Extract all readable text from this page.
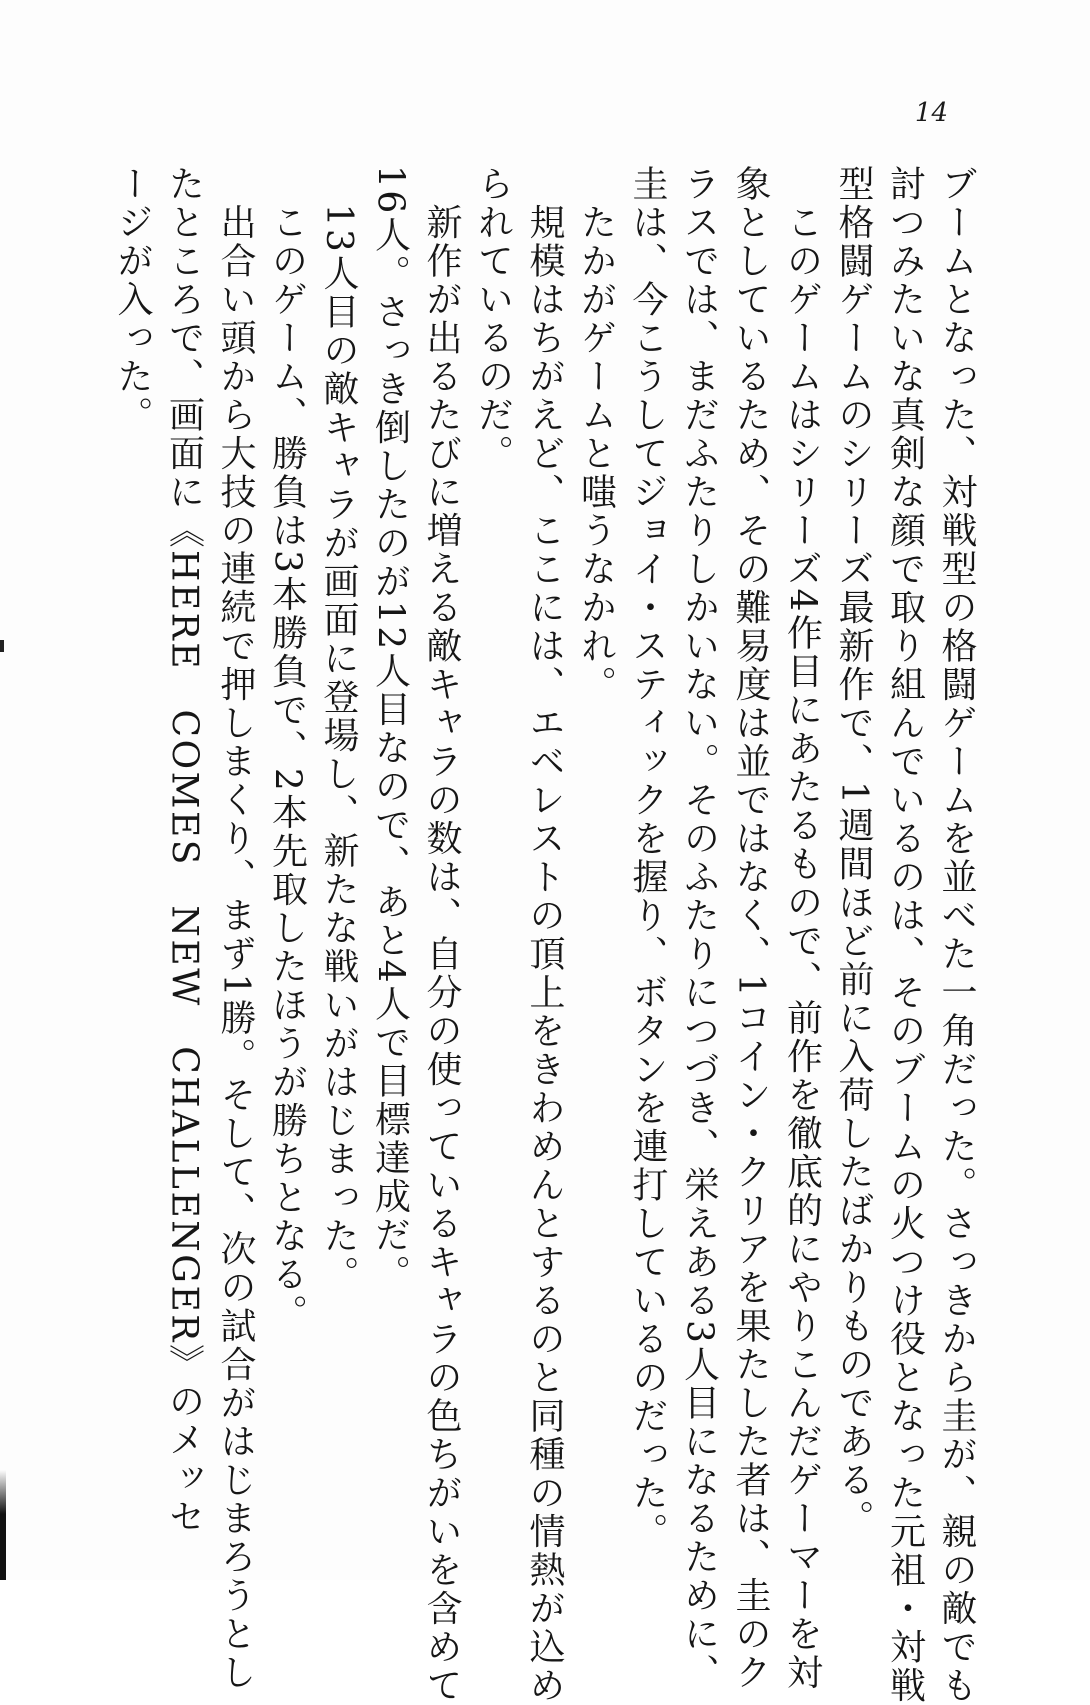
14
ブームとなった、対戦型の格闘ゲームを並べた一角だった。さっきから圭が、親の敵でも
討つみたいな真剣な顔で取り組んでいるのは、そのブームの火つけ役となった元祖・対戦
型格闘ゲームのシリーズ最新作で、1週間ほど前に入荷したばかりものである。
このゲームはシリーズ4作目にあたるもので、前作を徹底的にやりこんだゲーマーを対
象としているため、その難易度は並ではなく、1コイン・クリアを果たした者は、圭のク
ラスでは、まだふたりしかいない。そのふたりにつづき、栄えある3人目になるために、
圭は、今こうしてジョイ・スティックを握り、ボタンを連打しているのだった。
たかがゲームと嗤うなかれ。
規模はちがえど、ここには、エベレストの頂上をきわめんとするのと同種の情熱が込め
られているのだ。
新作が出るたびに増える敵キャラの数は、自分の使っているキャラの色ちがいを含めて
16人。さっき倒したのが12人目なので、あと4人で目標達成だ。
13人目の敵キャラが画面に登場し、新たな戦いがはじまった。
このゲーム、勝負は3本勝負で、2本先取したほうが勝ちとなる。
出合い頭から大技の連続で押しまくり、まず1勝。そして、次の試合がはじまろうとし
たところで、画面に《HERE　COMES　NEW　CHALLENGER》のメッセ
ージが入った。
